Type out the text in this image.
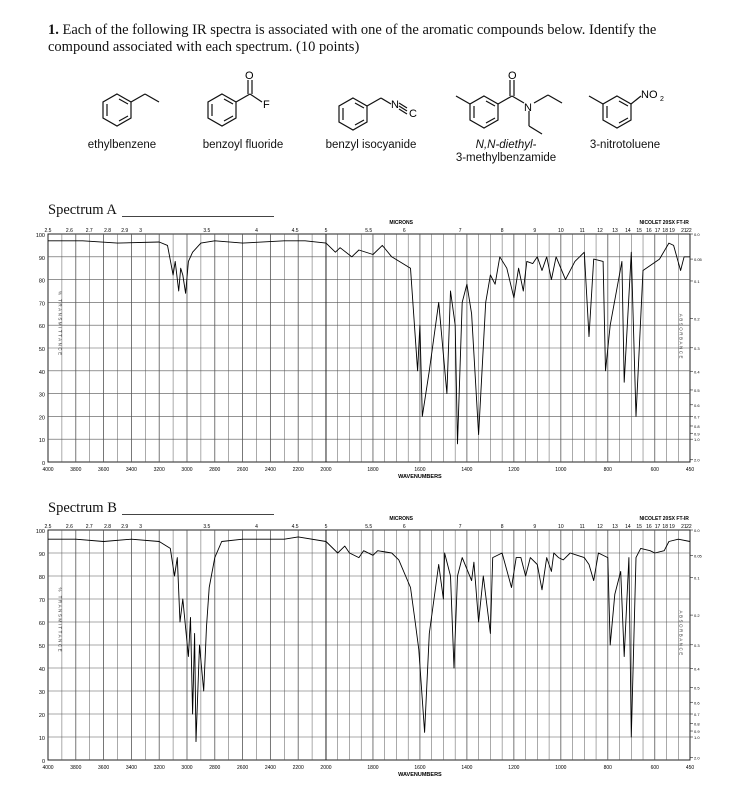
1. Each of the following IR spectra is associated with one of the aromatic compounds below. Identify the compound associated with each spectrum. (10 points)
ethylbenzene
O
F
benzoyl fluoride
N
C
benzyl isocyanide
O
N
N,N-diethyl-
3-methylbenzamide
NO 2
3-nitrotoluene
Spectrum A
10
20
30
40
50
60
70
80
90
100
0
4000	3800	3600	3400	3200	3000	2800	2600	2400	2200	2000	1800	1600	1400	1200	1000	800	600	450
WAVENUMBERS
2.5	2.6	2.7 2.8 2.9 3	3.5	4	4.5	5	5.5	6	7	8	9	10	11 12 13 14 15 16 17 18 19 21 22
MICRONS	NICOLET 20SX FT-IR
% TRANSMITTANCE	ABSORBANCE
0.0
0.05
0.1
0.2
0.3
0.4
0.5
0.6
0.7
0.8
0.9
1.0
2.0
Spectrum B
10
20
30
40
50
60
70
80
90
100
0
4000	3800	3600	3400	3200	3000	2800	2600	2400	2200	2000	1800	1600	1400	1200	1000	800	600	450
WAVENUMBERS
2.5	2.6	2.7 2.8 2.9 3	3.5	4	4.5	5	5.5	6	7	8	9	10	11 12 13 14 15 16 17 18 19 21 22
MICRONS	NICOLET 20SX FT-IR
% TRANSMITTANCE	ABSORBANCE
0.0
0.05
0.1
0.2
0.3
0.4
0.5
0.6
0.7
0.8
0.9
1.0
2.0
